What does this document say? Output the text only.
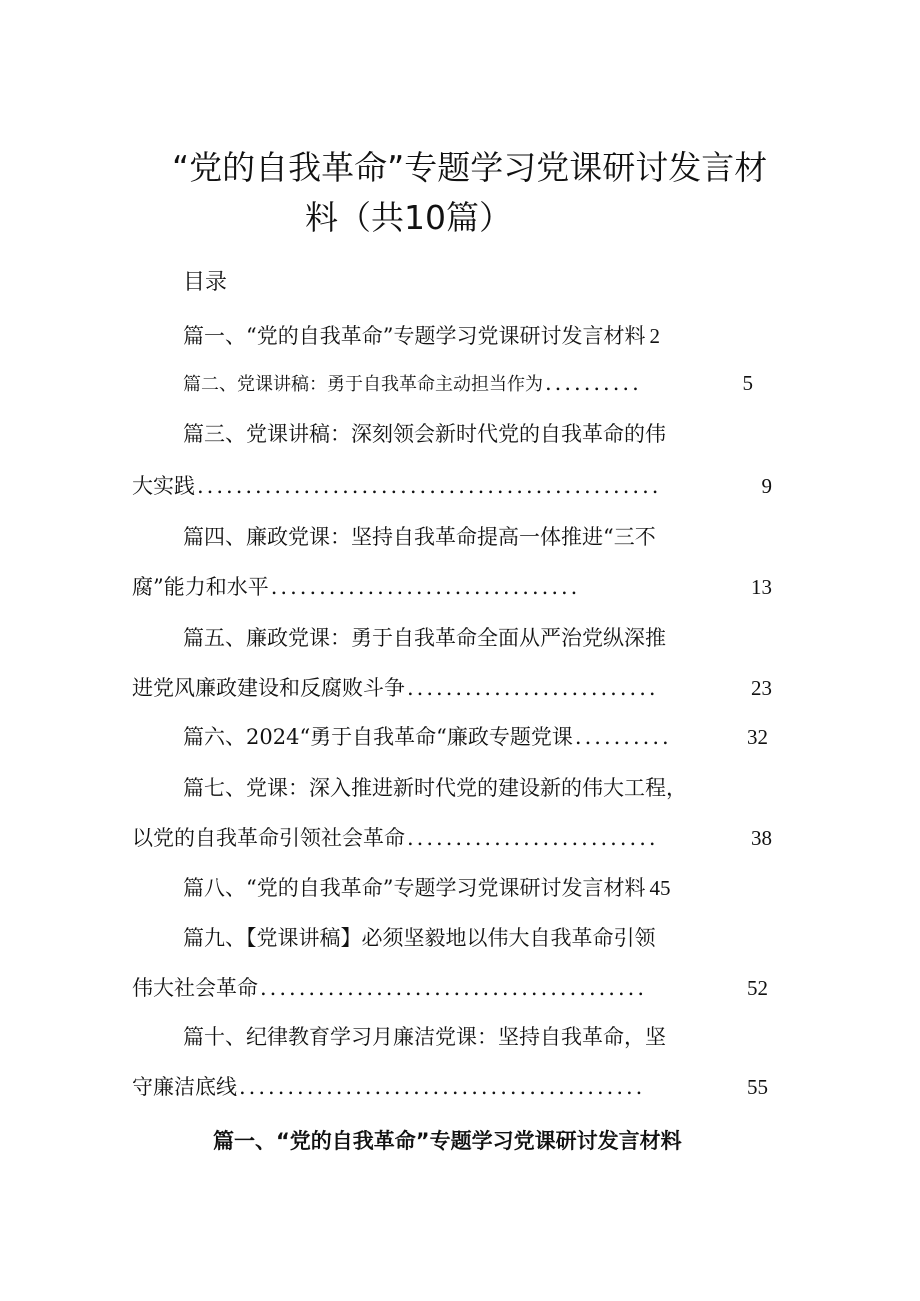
“党的自我革命”专题学习党课研讨发言材
料（共10篇）
目录
篇一、“党的自我革命”专题学习党课研讨发言材料 2
篇二、党课讲稿：勇于自我革命主动担当作为 ..........	5
篇三、党课讲稿：深刻领会新时代党的自我革命的伟
大实践 ................................................	9
篇四、廉政党课：坚持自我革命提高一体推进“三不
腐”能力和水平 ................................	13
篇五、廉政党课：勇于自我革命全面从严治党纵深推
进党风廉政建设和反腐败斗争 ..........................	23
篇六、2024“勇于自我革命“廉政专题党课 ..........	32
篇七、党课：深入推进新时代党的建设新的伟大工程，
以党的自我革命引领社会革命 ..........................	38
篇八、“党的自我革命”专题学习党课研讨发言材料 45
篇九、【党课讲稿】必须坚毅地以伟大自我革命引领
伟大社会革命 ........................................	52
篇十、纪律教育学习月廉洁党课：坚持自我革命，坚
守廉洁底线 ..........................................	55
篇一、“党的自我革命”专题学习党课研讨发言材料
